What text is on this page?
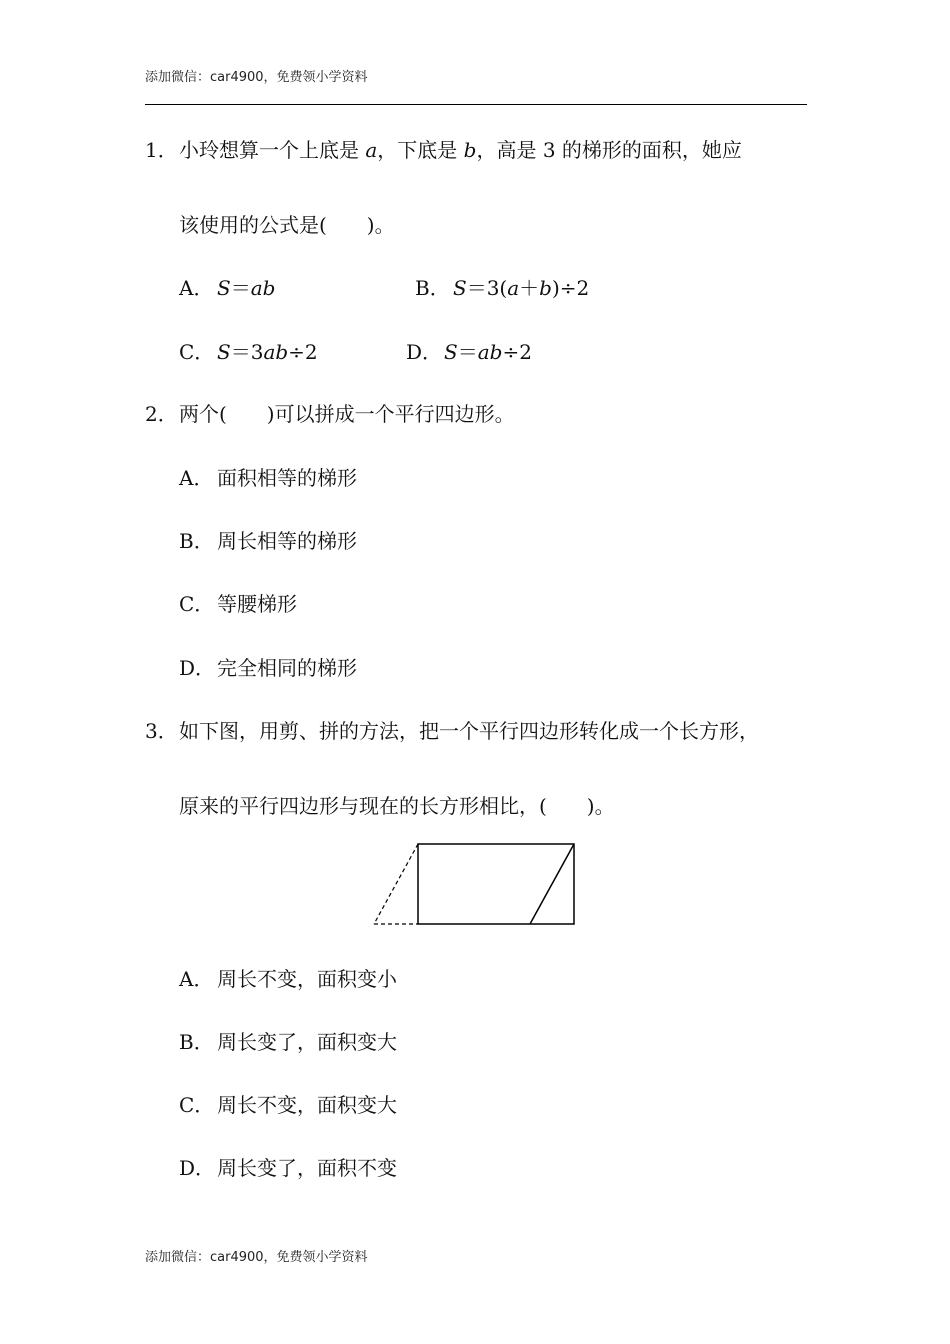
添加微信：car4900，免费领小学资料
1．小玲想算一个上底是 a，下底是 b，高是 3 的梯形的面积，她应
该使用的公式是(　　)。
A． S＝ab	B． S＝3(a＋b)÷2
C． S＝3ab÷2	D．S＝ab÷2
2．两个(　　)可以拼成一个平行四边形。
A． 面积相等的梯形
B． 周长相等的梯形
C． 等腰梯形
D．完全相同的梯形
3．如下图，用剪、拼的方法，把一个平行四边形转化成一个长方形，
原来的平行四边形与现在的长方形相比，(　　)。
A． 周长不变，面积变小
B． 周长变了，面积变大
C． 周长不变，面积变大
D．周长变了，面积不变
添加微信：car4900，免费领小学资料
